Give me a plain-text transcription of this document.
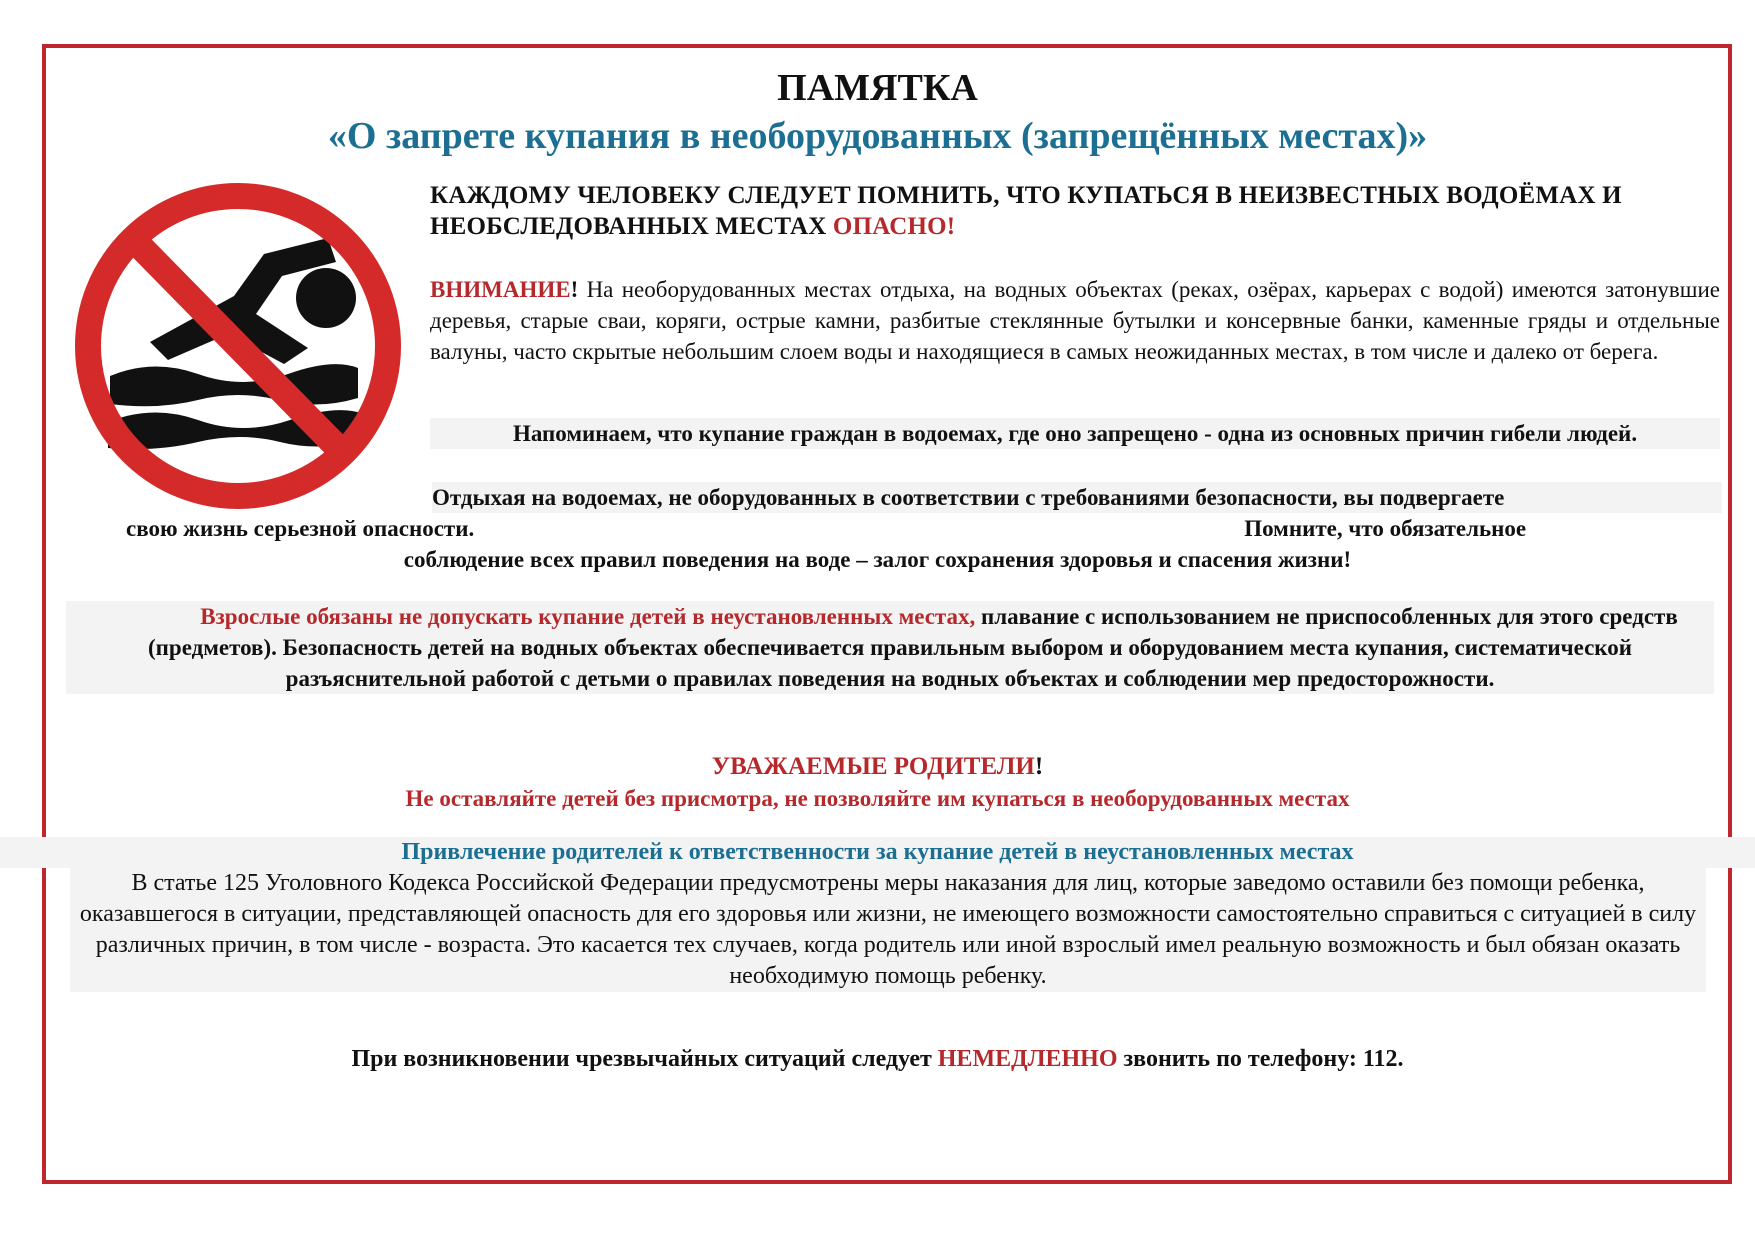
ПАМЯТКА
«О запрете купания в необорудованных (запрещённых местах)»

КАЖДОМУ ЧЕЛОВЕКУ СЛЕДУЕТ ПОМНИТЬ, ЧТО КУПАТЬСЯ В НЕИЗВЕСТНЫХ ВОДОЁМАХ И НЕОБСЛЕДОВАННЫХ МЕСТАХ ОПАСНО!

ВНИМАНИЕ! На необорудованных местах отдыха, на водных объектах (реках, озёрах, карьерах с водой) имеются затонувшие деревья, старые сваи, коряги, острые камни, разбитые стеклянные бутылки и консервные банки, каменные гряды и отдельные валуны, часто скрытые небольшим слоем воды и находящиеся в самых неожиданных местах, в том числе и далеко от берега.

Напоминаем, что купание граждан в водоемах, где оно запрещено - одна из основных причин гибели людей.

Отдыхая на водоемах, не оборудованных в соответствии с требованиями безопасности, вы подвергаете

свою жизнь серьезной опасности.	Помните, что обязательное

соблюдение всех правил поведения на воде – залог сохранения здоровья и спасения жизни!

Взрослые обязаны не допускать купание детей в неустановленных местах, плавание с использованием не приспособленных для этого средств (предметов). Безопасность детей на водных объектах обеспечивается правильным выбором и оборудованием места купания, систематической разъяснительной работой с детьми о правилах поведения на водных объектах и соблюдении мер предосторожности.

УВАЖАЕМЫЕ РОДИТЕЛИ!

Не оставляйте детей без присмотра, не позволяйте им купаться в необорудованных местах

Привлечение родителей к ответственности за купание детей в неустановленных местах

В статье 125 Уголовного Кодекса Российской Федерации предусмотрены меры наказания для лиц, которые заведомо оставили без помощи ребенка, оказавшегося в ситуации, представляющей опасность для его здоровья или жизни, не имеющего возможности самостоятельно справиться с ситуацией в силу различных причин, в том числе - возраста. Это касается тех случаев, когда родитель или иной взрослый имел реальную возможность и был обязан оказать необходимую помощь ребенку.

При возникновении чрезвычайных ситуаций следует НЕМЕДЛЕННО звонить по телефону: 112.
